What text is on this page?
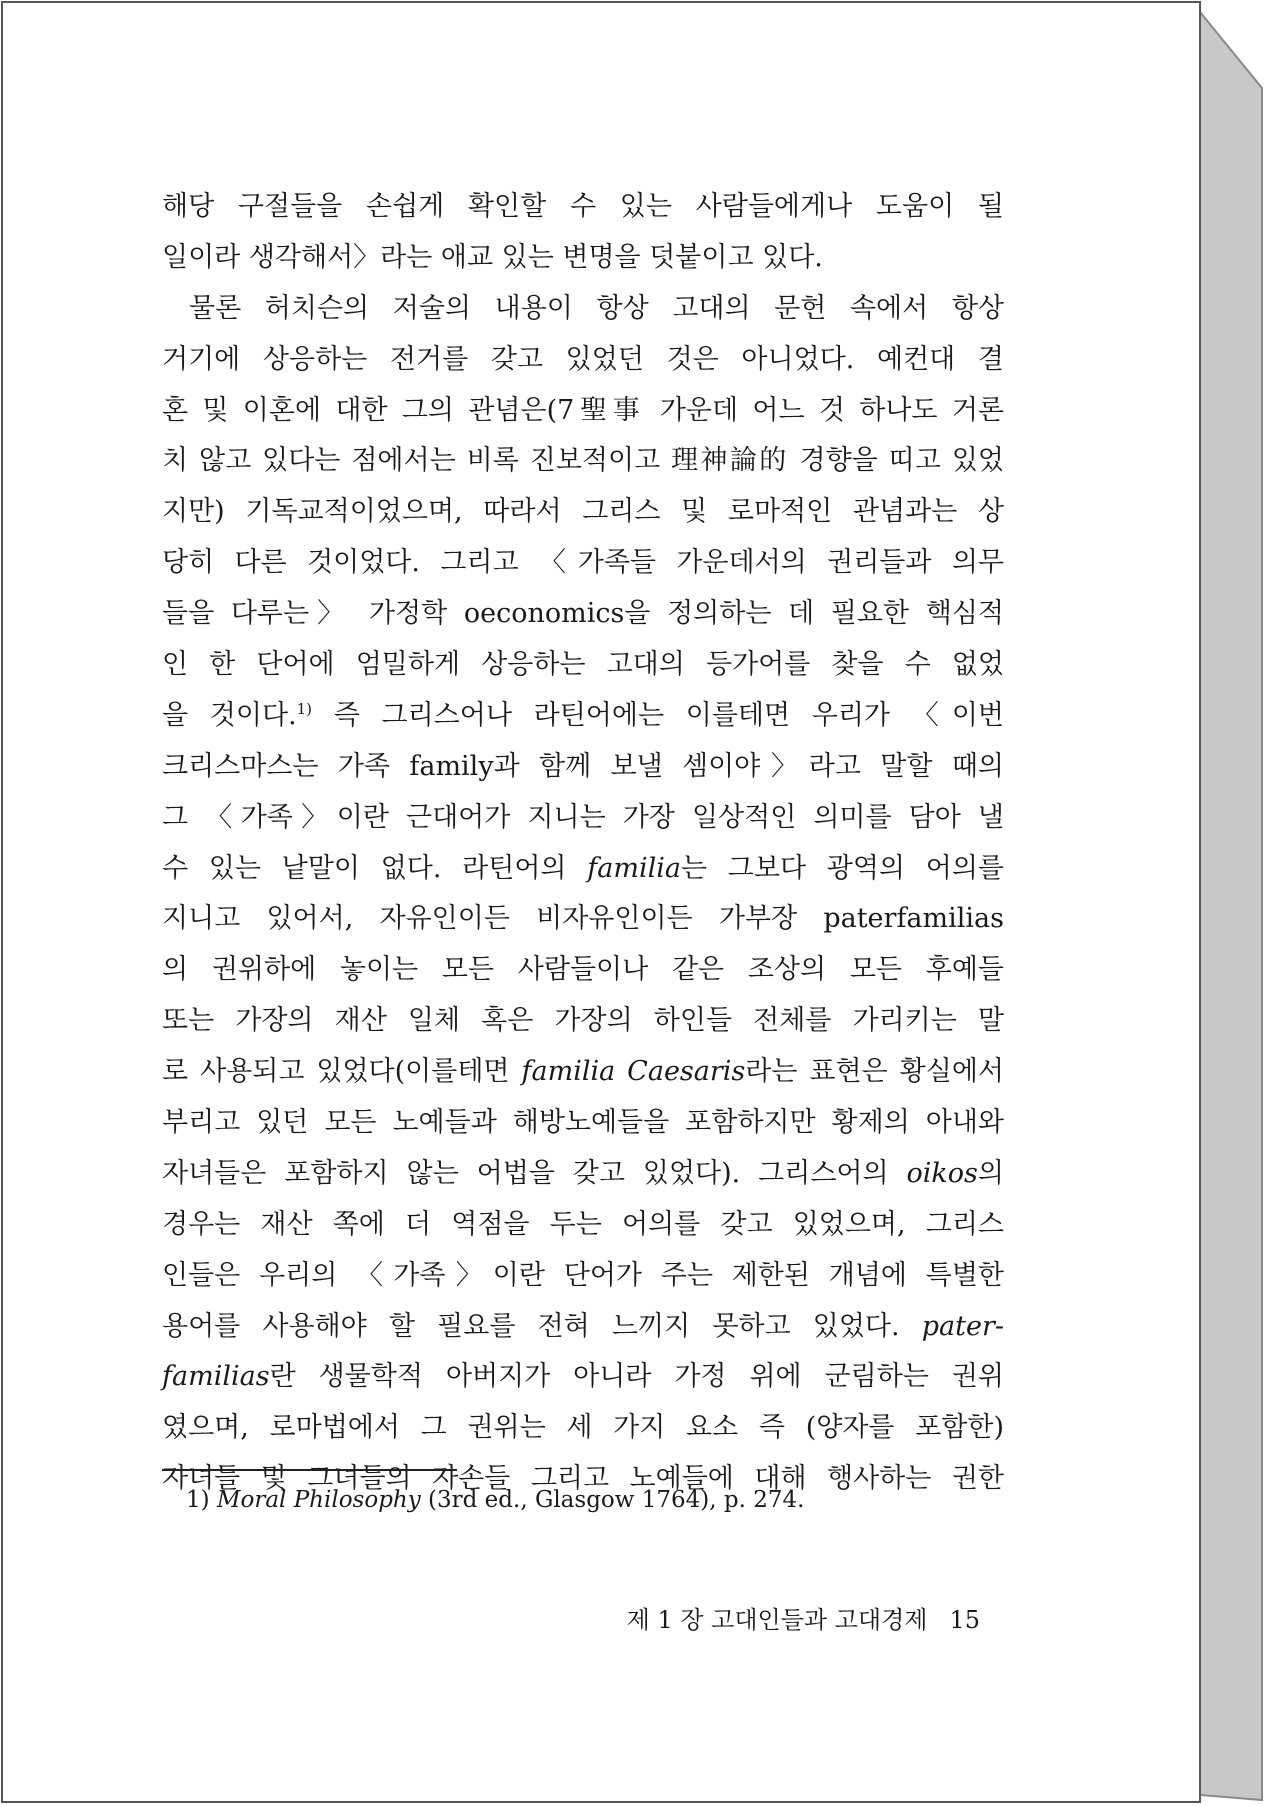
해당 구절들을 손쉽게 확인할 수 있는 사람들에게나 도움이 될
일이라 생각해서〉라는 애교 있는 변명을 덧붙이고 있다.
물론 허치슨의 저술의 내용이 항상 고대의 문헌 속에서 항상
거기에 상응하는 전거를 갖고 있었던 것은 아니었다. 예컨대 결
혼 및 이혼에 대한 그의 관념은(7聖事 가운데 어느 것 하나도 거론
치 않고 있다는 점에서는 비록 진보적이고 理神論的 경향을 띠고 있었
지만) 기독교적이었으며, 따라서 그리스 및 로마적인 관념과는 상
당히 다른 것이었다. 그리고 〈가족들 가운데서의 권리들과 의무
들을 다루는〉 가정학 oeconomics을 정의하는 데 필요한 핵심적
인 한 단어에 엄밀하게 상응하는 고대의 등가어를 찾을 수 없었
을 것이다.$^{1)}$ 즉 그리스어나 라틴어에는 이를테면 우리가 〈이번
크리스마스는 가족 family과 함께 보낼 셈이야〉라고 말할 때의
그 〈가족〉이란 근대어가 지니는 가장 일상적인 의미를 담아 낼
수 있는 낱말이 없다. 라틴어의 familia는 그보다 광역의 어의를
지니고 있어서, 자유인이든 비자유인이든 가부장 paterfamilias
의 권위하에 놓이는 모든 사람들이나 같은 조상의 모든 후예들
또는 가장의 재산 일체 혹은 가장의 하인들 전체를 가리키는 말
로 사용되고 있었다(이를테면 familia Caesaris라는 표현은 황실에서
부리고 있던 모든 노예들과 해방노예들을 포함하지만 황제의 아내와
자녀들은 포함하지 않는 어법을 갖고 있었다). 그리스어의 oikos의
경우는 재산 쪽에 더 역점을 두는 어의를 갖고 있었으며, 그리스
인들은 우리의 〈가족〉이란 단어가 주는 제한된 개념에 특별한
용어를 사용해야 할 필요를 전혀 느끼지 못하고 있었다. pater-
familias란 생물학적 아버지가 아니라 가정 위에 군림하는 권위
였으며, 로마법에서 그 권위는 세 가지 요소 즉 (양자를 포함한)
자녀들 및 그녀들의 자손들 그리고 노예들에 대해 행사하는 권한
1) Moral Philosophy (3rd ed., Glasgow 1764), p. 274.
제 1 장 고대인들과 고대경제 15
